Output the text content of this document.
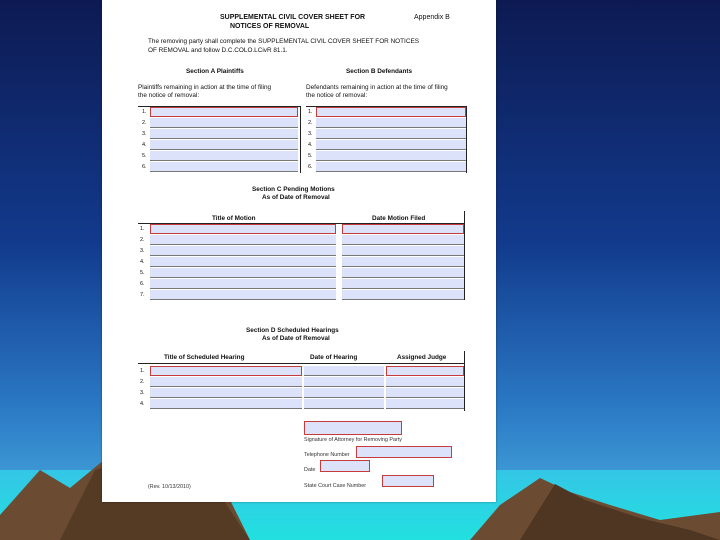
SUPPLEMENTAL CIVIL COVER SHEET FOR
NOTICES OF REMOVAL
Appendix B
The removing party shall complete the SUPPLEMENTAL CIVIL COVER SHEET FOR NOTICES
OF REMOVAL and follow D.C.COLO.LCivR 81.1.
Section A Plaintiffs	Section B Defendants
Plaintiffs remaining in action at the time of filing
the notice of removal:
Defendants remaining in action at the time of filing
the notice of removal:
1.
2.
3.
4.
5.
6.
1.
2.
3.
4.
5.
6.
Section C Pending Motions
As of Date of Removal
Title of Motion	Date Motion Filed
1.
2.
3.
4.
5.
6.
7.
Section D Scheduled Hearings
As of Date of Removal
Title of Scheduled Hearing	Date of Hearing	Assigned Judge
1.
2.
3.
4.
Signature of Attorney for Removing Party
Telephone Number
Date
State Court Case Number
(Rev. 10/13/2010)
